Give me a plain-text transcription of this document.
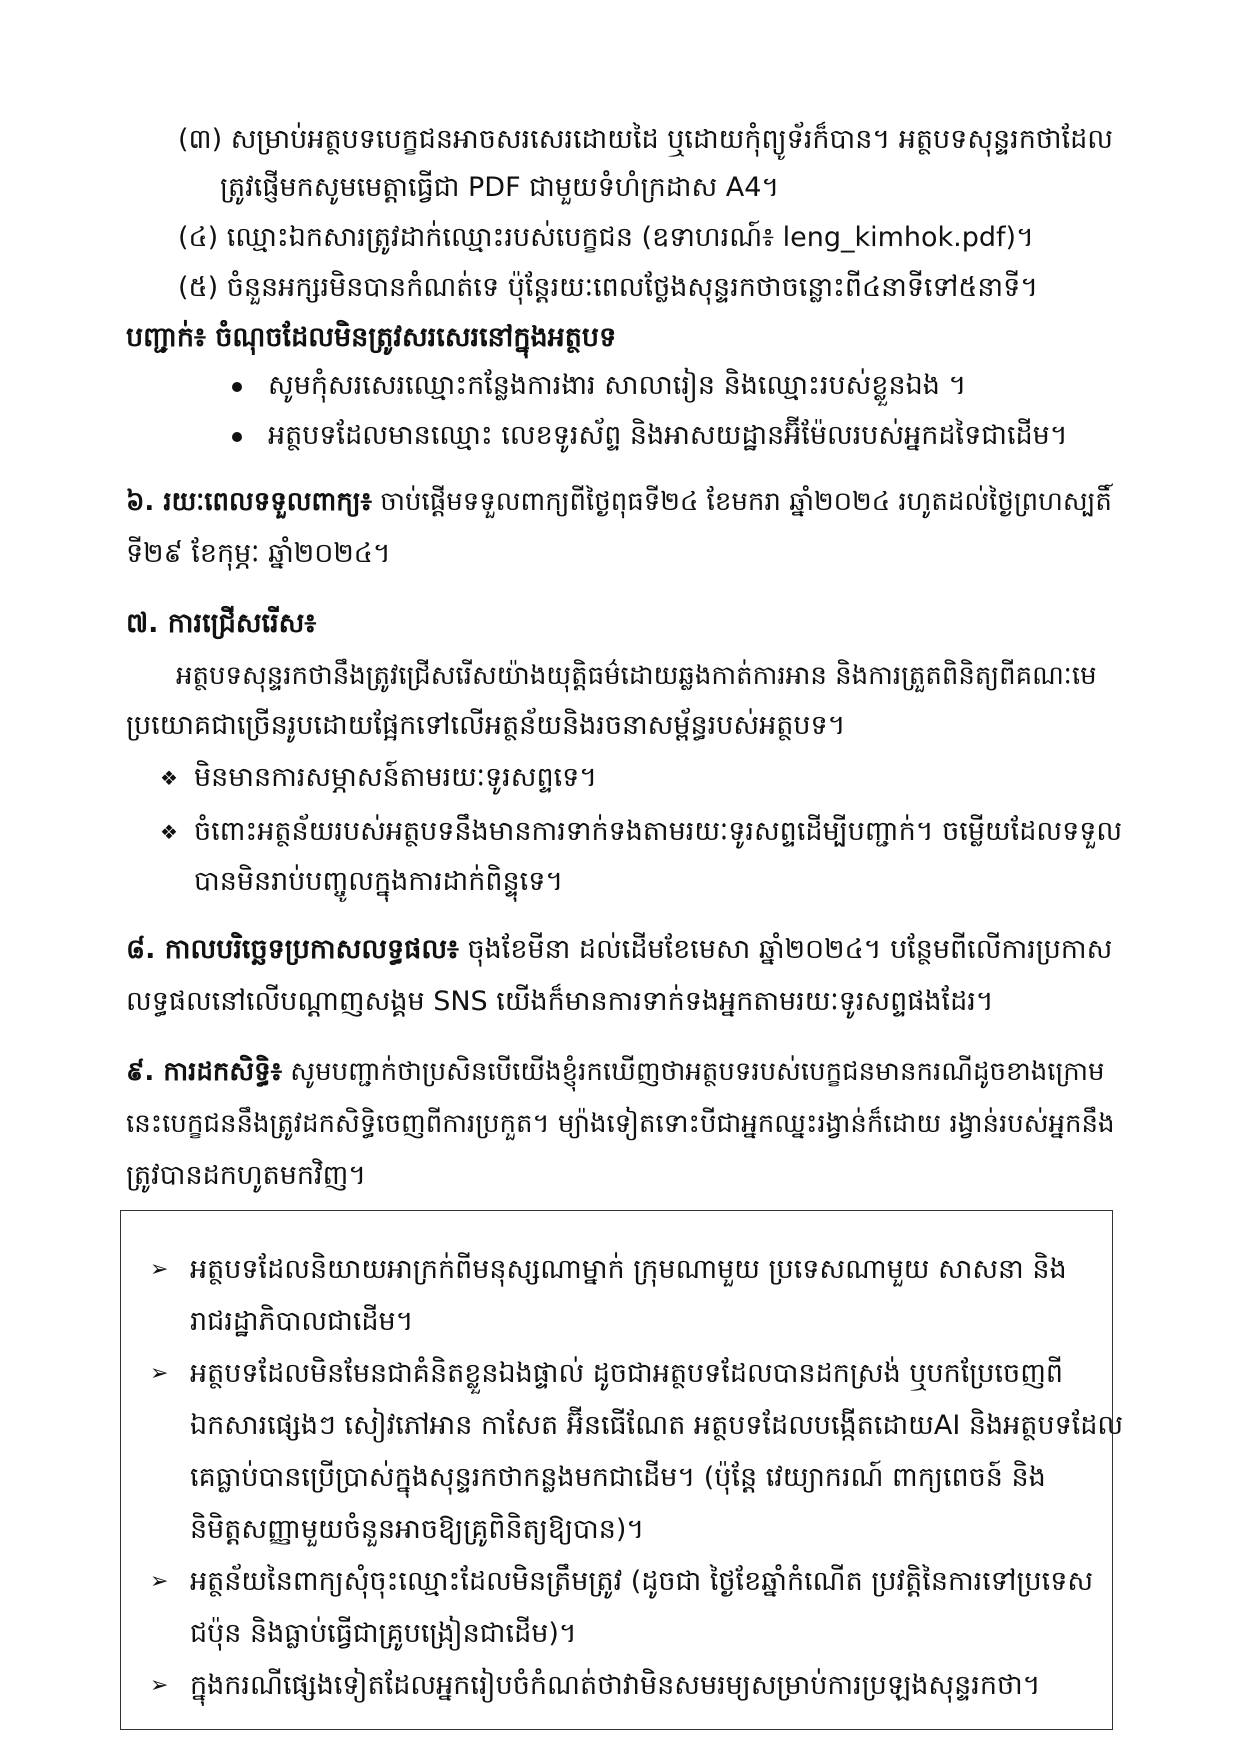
(៣) សម្រាប់អត្ថបទបេក្ខជនអាចសរសេរដោយដៃ ឬដោយកុំព្យូទ័រក៏បាន។ អត្ថបទសុន្ទរកថាដែល
ត្រូវផ្ញើមកសូមមេត្តាធ្វើជា PDF ជាមួយទំហំក្រដាស A4។
(៤) ឈ្មោះឯកសារត្រូវដាក់ឈ្មោះរបស់បេក្ខជន (ឧទាហរណ៍៖ leng_kimhok.pdf)។
(៥) ចំនួនអក្សរមិនបានកំណត់ទេ ប៉ុន្តែរយៈពេលថ្លែងសុន្ទរកថាចន្លោះពី៤នាទីទៅ៥នាទី។
បញ្ជាក់៖ ចំណុចដែលមិនត្រូវសរសេរនៅក្នុងអត្ថបទ
សូមកុំសរសេរឈ្មោះកន្លែងការងារ សាលារៀន និងឈ្មោះរបស់ខ្លួនឯង ។
អត្ថបទដែលមានឈ្មោះ លេខទូរស័ព្ទ និងអាសយដ្ឋានអ៊ីម៉ែលរបស់អ្នកដទៃជាដើម។
៦. រយៈពេលទទួលពាក្យ៖ ចាប់ផ្តើមទទួលពាក្យពីថ្ងៃពុធទី២៤ ខែមករា ឆ្នាំ២០២៤ រហូតដល់ថ្ងៃព្រហស្បតិ៍
ទី២៩ ខែកុម្ភៈ ឆ្នាំ២០២៤។
៧. ការជ្រើសរើស៖
អត្ថបទសុន្ទរកថានឹងត្រូវជ្រើសរើសយ៉ាងយុត្តិធម៌ដោយឆ្លងកាត់ការអាន និងការត្រួតពិនិត្យពីគណៈមេ
ប្រយោគជាច្រើនរូបដោយផ្អែកទៅលើអត្ថន័យនិងរចនាសម្ព័ន្ធរបស់អត្ថបទ។
❖ មិនមានការសម្ភាសន៍តាមរយៈទូរសព្ទទេ។
❖ ចំពោះអត្ថន័យរបស់អត្ថបទនឹងមានការទាក់ទងតាមរយៈទូរសព្ទដើម្បីបញ្ជាក់។ ចម្លើយដែលទទួល
បានមិនរាប់បញ្ចូលក្នុងការដាក់ពិន្ទុទេ។
៨. កាលបរិច្ឆេទប្រកាសលទ្ធផល៖ ចុងខែមីនា ដល់ដើមខែមេសា ឆ្នាំ២០២៤។ បន្ថែមពីលើការប្រកាស
លទ្ធផលនៅលើបណ្តាញសង្គម SNS យើងក៏មានការទាក់ទងអ្នកតាមរយៈទូរសព្ទផងដែរ។
៩. ការដកសិទ្ធិ៖ សូមបញ្ជាក់ថាប្រសិនបើយើងខ្ញុំរកឃើញថាអត្ថបទរបស់បេក្ខជនមានករណីដូចខាងក្រោម
នេះបេក្ខជននឹងត្រូវដកសិទ្ធិចេញពីការប្រកួត។ ម្យ៉ាងទៀតទោះបីជាអ្នកឈ្នះរង្វាន់ក៏ដោយ រង្វាន់របស់អ្នកនឹង
ត្រូវបានដកហូតមកវិញ។
➢ អត្ថបទដែលនិយាយអាក្រក់ពីមនុស្សណាម្នាក់ ក្រុមណាមួយ ប្រទេសណាមួយ សាសនា និង
រាជរដ្ឋាភិបាលជាដើម។
➢ អត្ថបទដែលមិនមែនជាគំនិតខ្លួនឯងផ្ទាល់ ដូចជាអត្ថបទដែលបានដកស្រង់ ឬបកប្រែចេញពី
ឯកសារផ្សេងៗ សៀវភៅអាន កាសែត អ៊ីនធើណែត អត្ថបទដែលបង្កើតដោយAI និងអត្ថបទដែល
គេធ្លាប់បានប្រើប្រាស់ក្នុងសុន្ទរកថាកន្លងមកជាដើម។ (ប៉ុន្តែ វេយ្យាករណ៍ ពាក្យពេចន៍ និង
និមិត្តសញ្ញាមួយចំនួនអាចឱ្យគ្រូពិនិត្យឱ្យបាន)។
➢ អត្ថន័យនៃពាក្យសុំចុះឈ្មោះដែលមិនត្រឹមត្រូវ (ដូចជា ថ្ងៃខែឆ្នាំកំណើត ប្រវត្តិនៃការទៅប្រទេស
ជប៉ុន និងធ្លាប់ធ្វើជាគ្រូបង្រៀនជាដើម)។
➢ ក្នុងករណីផ្សេងទៀតដែលអ្នករៀបចំកំណត់ថាវាមិនសមរម្យសម្រាប់ការប្រឡងសុន្ទរកថា។
